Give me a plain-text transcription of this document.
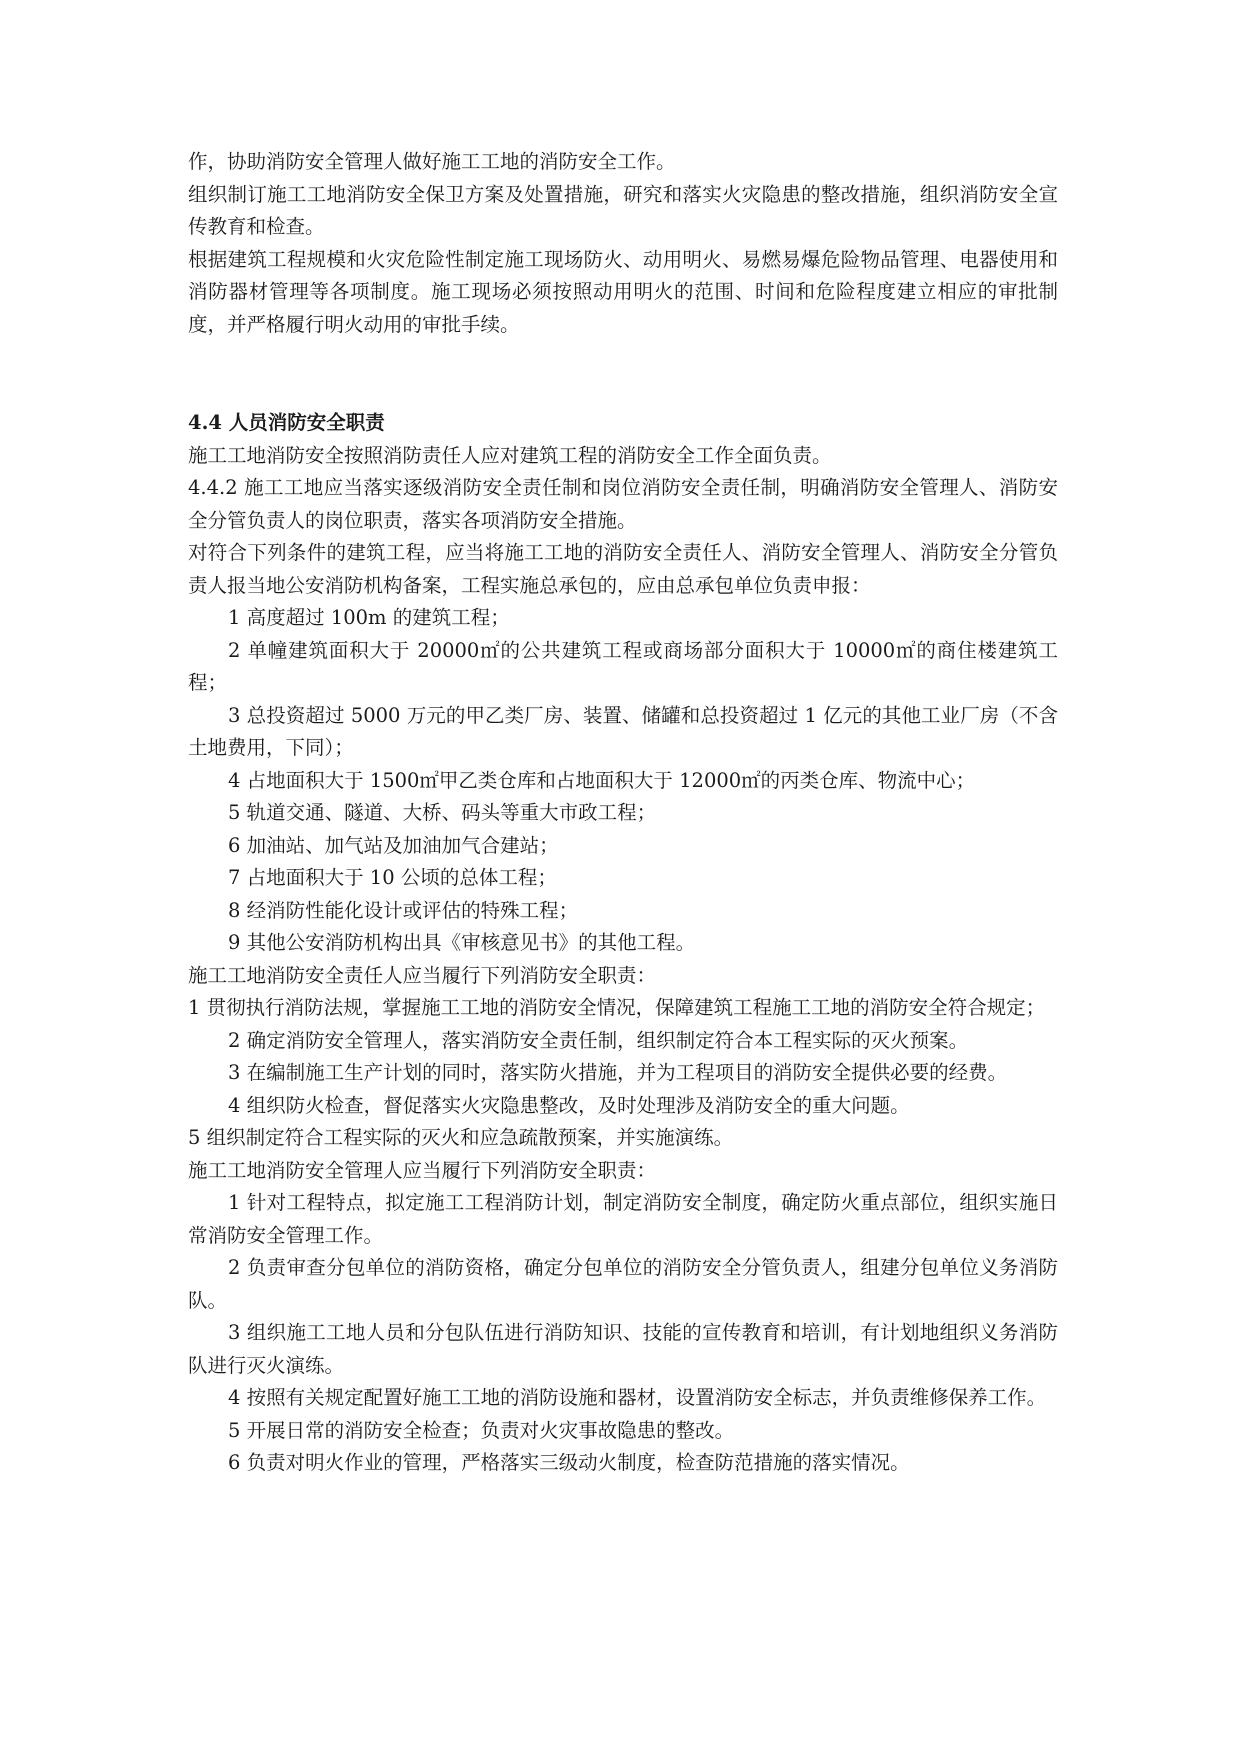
作，协助消防安全管理人做好施工工地的消防安全工作。

组织制订施工工地消防安全保卫方案及处置措施，研究和落实火灾隐患的整改措施，组织消防安全宣传教育和检查。

根据建筑工程规模和火灾危险性制定施工现场防火、动用明火、易燃易爆危险物品管理、电器使用和消防器材管理等各项制度。施工现场必须按照动用明火的范围、时间和危险程度建立相应的审批制度，并严格履行明火动用的审批手续。

4.4 人员消防安全职责

施工工地消防安全按照消防责任人应对建筑工程的消防安全工作全面负责。

4.4.2 施工工地应当落实逐级消防安全责任制和岗位消防安全责任制，明确消防安全管理人、消防安全分管负责人的岗位职责，落实各项消防安全措施。

对符合下列条件的建筑工程，应当将施工工地的消防安全责任人、消防安全管理人、消防安全分管负责人报当地公安消防机构备案，工程实施总承包的，应由总承包单位负责申报：

1 高度超过 100m 的建筑工程；

2 单幢建筑面积大于 20000㎡的公共建筑工程或商场部分面积大于 10000㎡的商住楼建筑工程；

3 总投资超过 5000 万元的甲乙类厂房、装置、储罐和总投资超过 1 亿元的其他工业厂房（不含土地费用，下同）；

4 占地面积大于 1500㎡甲乙类仓库和占地面积大于 12000㎡的丙类仓库、物流中心；

5 轨道交通、隧道、大桥、码头等重大市政工程；

6 加油站、加气站及加油加气合建站；

7 占地面积大于 10 公顷的总体工程；

8 经消防性能化设计或评估的特殊工程；

9 其他公安消防机构出具《审核意见书》的其他工程。

施工工地消防安全责任人应当履行下列消防安全职责：

1 贯彻执行消防法规，掌握施工工地的消防安全情况，保障建筑工程施工工地的消防安全符合规定；

2 确定消防安全管理人，落实消防安全责任制，组织制定符合本工程实际的灭火预案。

3 在编制施工生产计划的同时，落实防火措施，并为工程项目的消防安全提供必要的经费。

4 组织防火检查，督促落实火灾隐患整改，及时处理涉及消防安全的重大问题。

5 组织制定符合工程实际的灭火和应急疏散预案，并实施演练。

施工工地消防安全管理人应当履行下列消防安全职责：

1 针对工程特点，拟定施工工程消防计划，制定消防安全制度，确定防火重点部位，组织实施日常消防安全管理工作。

2 负责审查分包单位的消防资格，确定分包单位的消防安全分管负责人，组建分包单位义务消防队。

3 组织施工工地人员和分包队伍进行消防知识、技能的宣传教育和培训，有计划地组织义务消防队进行灭火演练。

4 按照有关规定配置好施工工地的消防设施和器材，设置消防安全标志，并负责维修保养工作。

5 开展日常的消防安全检查；负责对火灾事故隐患的整改。

6 负责对明火作业的管理，严格落实三级动火制度，检查防范措施的落实情况。
